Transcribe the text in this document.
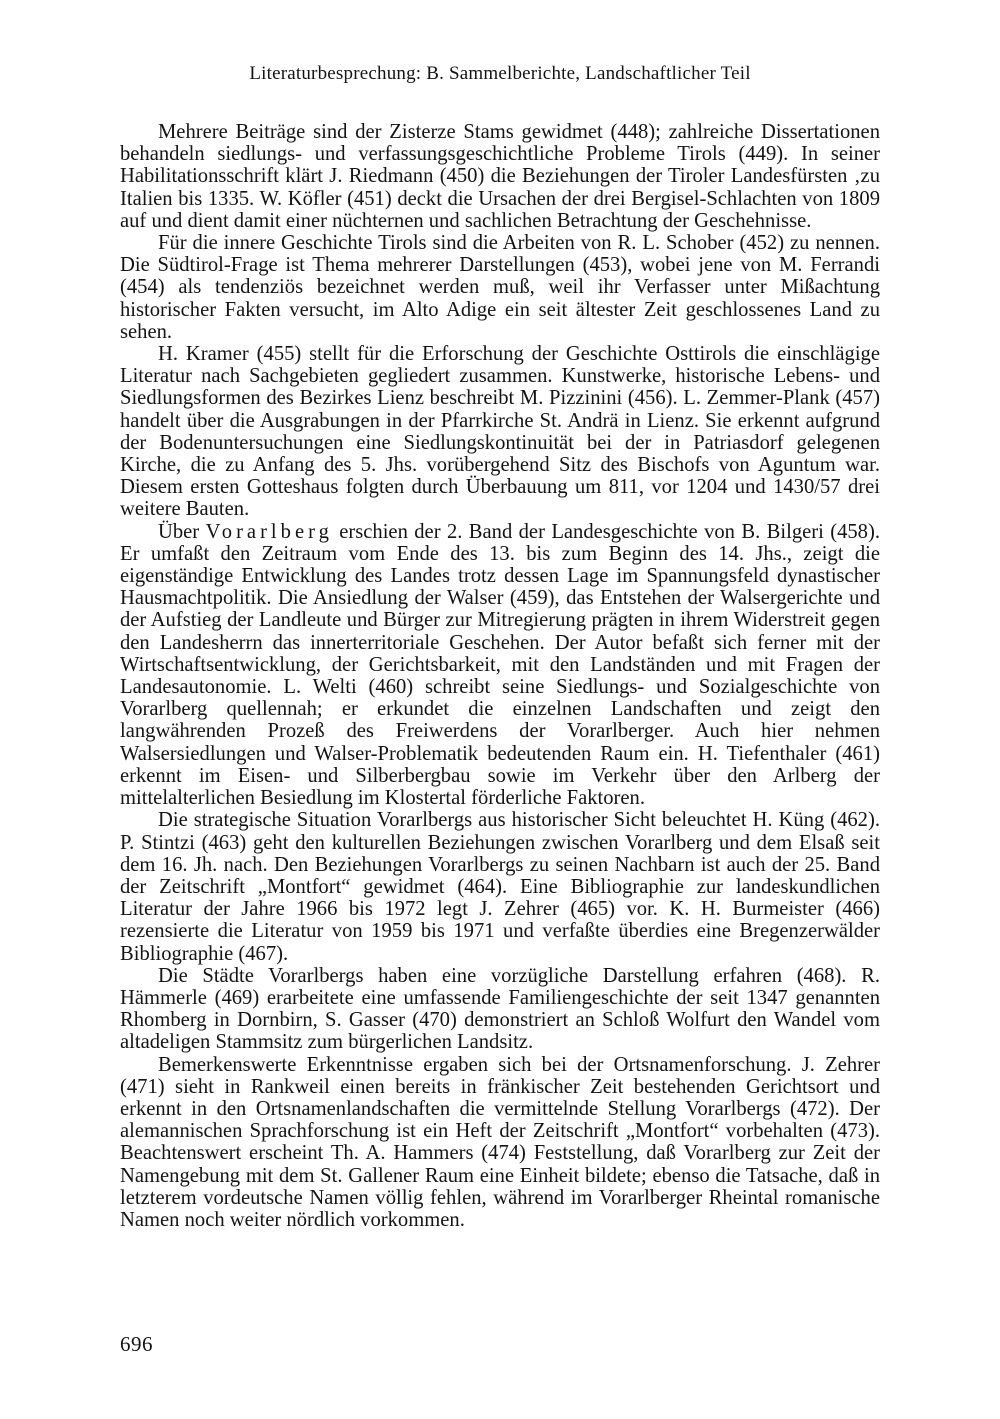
Literaturbesprechung: B. Sammelberichte, Landschaftlicher Teil

Mehrere Beiträge sind der Zisterze Stams gewidmet (448); zahlreiche Dissertationen behandeln siedlungs- und verfassungsgeschichtliche Probleme Tirols (449). In seiner Habilitationsschrift klärt J. Riedmann (450) die Beziehungen der Tiroler Landesfürsten ‚zu Italien bis 1335. W. Köfler (451) deckt die Ursachen der drei Bergisel-Schlachten von 1809 auf und dient damit einer nüchternen und sachlichen Betrachtung der Geschehnisse.

Für die innere Geschichte Tirols sind die Arbeiten von R. L. Schober (452) zu nennen. Die Südtirol-Frage ist Thema mehrerer Darstellungen (453), wobei jene von M. Ferrandi (454) als tendenziös bezeichnet werden muß, weil ihr Verfasser unter Mißachtung historischer Fakten versucht, im Alto Adige ein seit ältester Zeit geschlossenes Land zu sehen.

H. Kramer (455) stellt für die Erforschung der Geschichte Osttirols die einschlägige Literatur nach Sachgebieten gegliedert zusammen. Kunstwerke, historische Lebens- und Siedlungsformen des Bezirkes Lienz beschreibt M. Pizzinini (456). L. Zemmer-Plank (457) handelt über die Ausgrabungen in der Pfarrkirche St. Andrä in Lienz. Sie erkennt aufgrund der Bodenuntersuchungen eine Siedlungskontinuität bei der in Patriasdorf gelegenen Kirche, die zu Anfang des 5. Jhs. vorübergehend Sitz des Bischofs von Aguntum war. Diesem ersten Gotteshaus folgten durch Überbauung um 811, vor 1204 und 1430/57 drei weitere Bauten.

Über Vorarlberg erschien der 2. Band der Landesgeschichte von B. Bilgeri (458). Er umfaßt den Zeitraum vom Ende des 13. bis zum Beginn des 14. Jhs., zeigt die eigenständige Entwicklung des Landes trotz dessen Lage im Spannungsfeld dynastischer Hausmachtpolitik. Die Ansiedlung der Walser (459), das Entstehen der Walsergerichte und der Aufstieg der Landleute und Bürger zur Mitregierung prägten in ihrem Widerstreit gegen den Landesherrn das innerterritoriale Geschehen. Der Autor befaßt sich ferner mit der Wirtschaftsentwicklung, der Gerichtsbarkeit, mit den Landständen und mit Fragen der Landesautonomie. L. Welti (460) schreibt seine Siedlungs- und Sozialgeschichte von Vorarlberg quellennah; er erkundet die einzelnen Landschaften und zeigt den langwährenden Prozeß des Freiwerdens der Vorarlberger. Auch hier nehmen Walsersiedlungen und Walser-Problematik bedeutenden Raum ein. H. Tiefenthaler (461) erkennt im Eisen- und Silberbergbau sowie im Verkehr über den Arlberg der mittelalterlichen Besiedlung im Klostertal förderliche Faktoren.

Die strategische Situation Vorarlbergs aus historischer Sicht beleuchtet H. Küng (462). P. Stintzi (463) geht den kulturellen Beziehungen zwischen Vorarlberg und dem Elsaß seit dem 16. Jh. nach. Den Beziehungen Vorarlbergs zu seinen Nachbarn ist auch der 25. Band der Zeitschrift „Montfort“ gewidmet (464). Eine Bibliographie zur landeskundlichen Literatur der Jahre 1966 bis 1972 legt J. Zehrer (465) vor. K. H. Burmeister (466) rezensierte die Literatur von 1959 bis 1971 und verfaßte überdies eine Bregenzerwälder Bibliographie (467).

Die Städte Vorarlbergs haben eine vorzügliche Darstellung erfahren (468). R. Hämmerle (469) erarbeitete eine umfassende Familiengeschichte der seit 1347 genannten Rhomberg in Dornbirn, S. Gasser (470) demonstriert an Schloß Wolfurt den Wandel vom altadeligen Stammsitz zum bürgerlichen Landsitz.

Bemerkenswerte Erkenntnisse ergaben sich bei der Ortsnamenforschung. J. Zehrer (471) sieht in Rankweil einen bereits in fränkischer Zeit bestehenden Gerichtsort und erkennt in den Ortsnamenlandschaften die vermittelnde Stellung Vorarlbergs (472). Der alemannischen Sprachforschung ist ein Heft der Zeitschrift „Montfort“ vorbehalten (473). Beachtenswert erscheint Th. A. Hammers (474) Feststellung, daß Vorarlberg zur Zeit der Namengebung mit dem St. Gallener Raum eine Einheit bildete; ebenso die Tatsache, daß in letzterem vordeutsche Namen völlig fehlen, während im Vorarlberger Rheintal romanische Namen noch weiter nördlich vorkommen.

696
